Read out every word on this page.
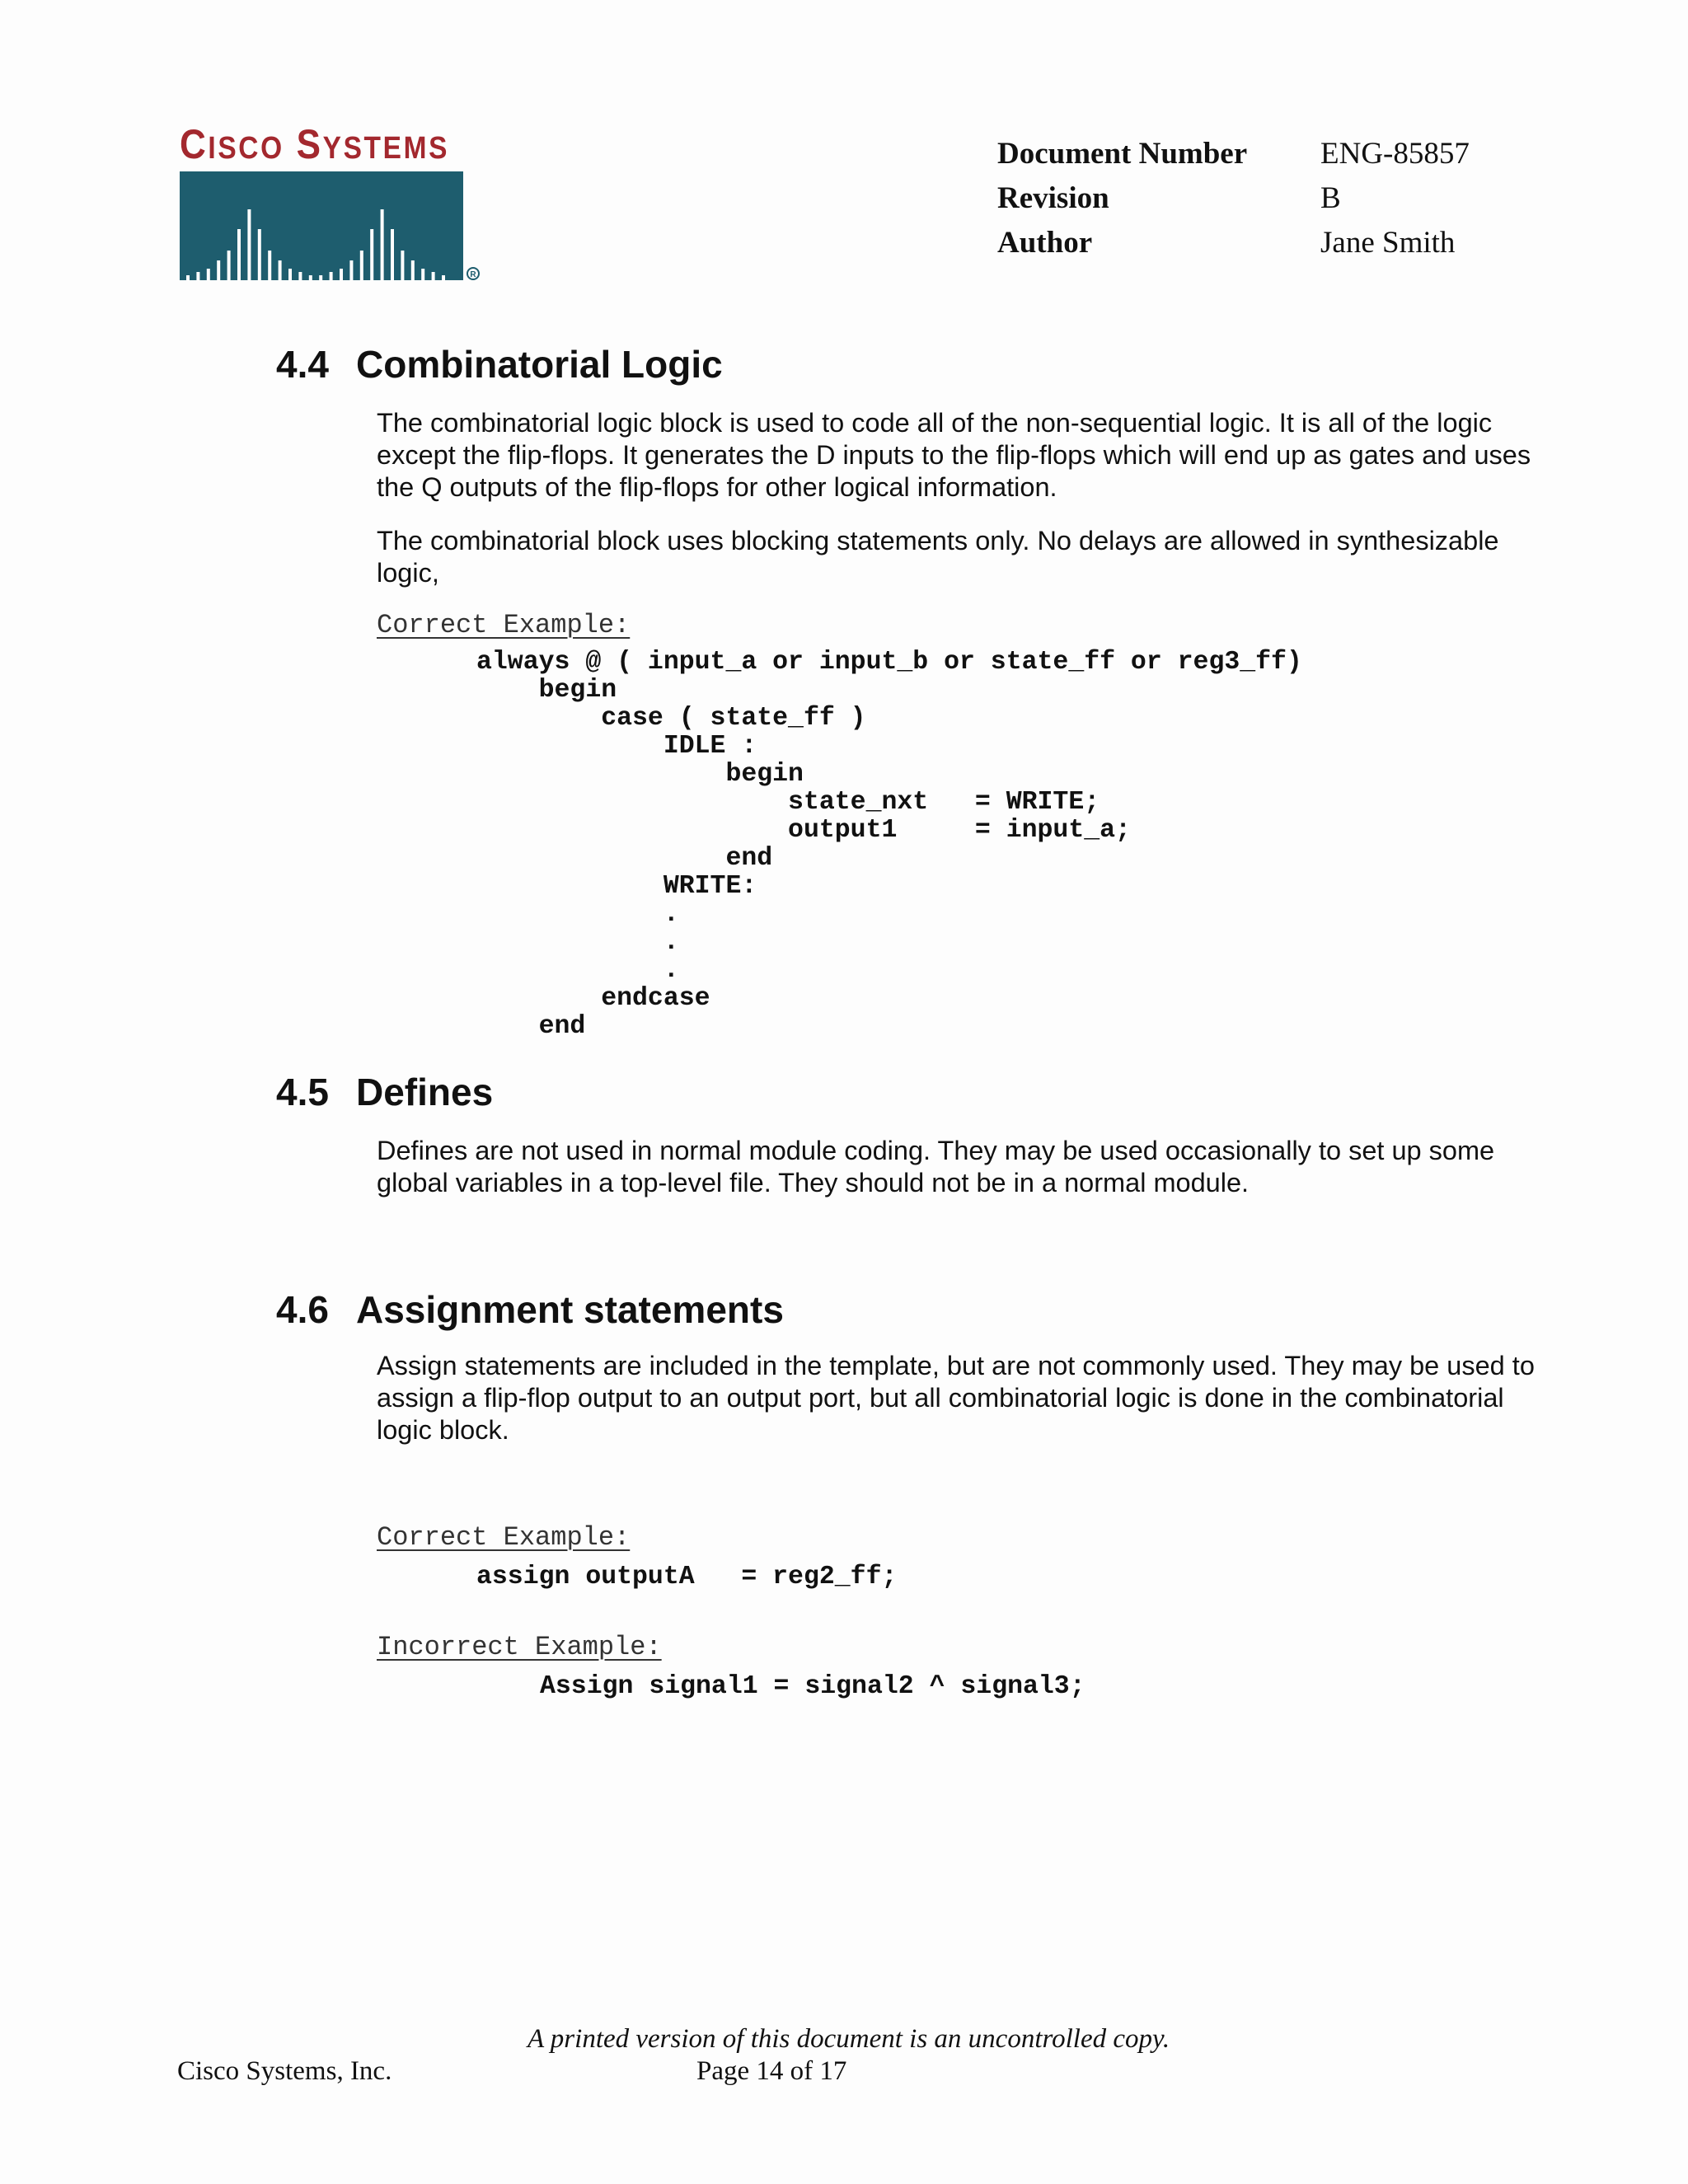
CISCO SYSTEMS
R
Document Number	ENG-85857
Revision	B
Author	Jane Smith
4.4 Combinatorial Logic
The combinatorial logic block is used to code all of the non-sequential logic. It is all of the logic except the flip-flops. It generates the D inputs to the flip-flops which will end up as gates and uses the Q outputs of the flip-flops for other logical information.
The combinatorial block uses blocking statements only. No delays are allowed in synthesizable logic,
Correct Example:
always @ ( input_a or input_b or state_ff or reg3_ff)
begin
case ( state_ff )
IDLE :
begin
state_nxt   = WRITE;
output1     = input_a;
end
WRITE:
.
.
.
endcase
end
4.5 Defines
Defines are not used in normal module coding. They may be used occasionally to set up some global variables in a top-level file. They should not be in a normal module.
4.6 Assignment statements
Assign statements are included in the template, but are not commonly used. They may be used to assign a flip-flop output to an output port, but all combinatorial logic is done in the combinatorial logic block.
Correct Example:
assign outputA   = reg2_ff;
Incorrect Example:
Assign signal1 = signal2 ^ signal3;
A printed version of this document is an uncontrolled copy.
Cisco Systems, Inc.	Page 14 of 17
